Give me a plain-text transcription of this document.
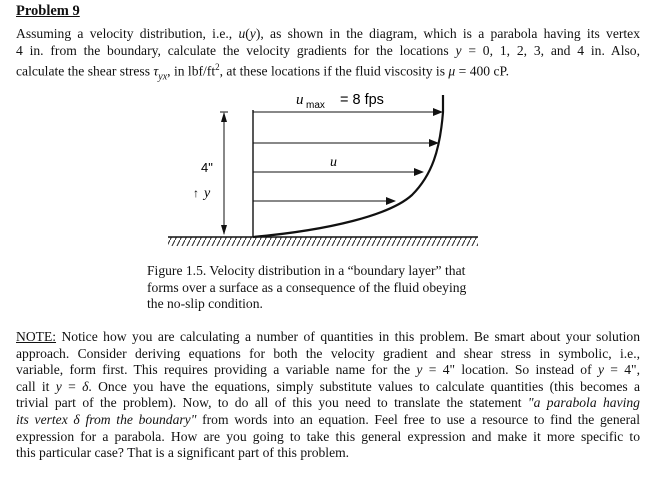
Problem 9
Assuming a velocity distribution, i.e., u(y), as shown in the diagram, which is a parabola having its vertex
4 in. from the boundary, calculate the velocity gradients for the locations y = 0, 1, 2, 3, and 4 in. Also,
calculate the shear stress $\tau_{yx}$, in lbf/$ft^2$, at these locations if the fluid viscosity is μ = 400 cP.
u max = 8 fps
4"
↑ y
u
Figure 1.5. Velocity distribution in a “boundary layer” that
forms over a surface as a consequence of the fluid obeying
the no-slip condition.
NOTE: Notice how you are calculating a number of quantities in this problem. Be smart about your solution
approach. Consider deriving equations for both the velocity gradient and shear stress in symbolic, i.e.,
variable, form first. This requires providing a variable name for the y = 4" location. So instead of y = 4",
call it y = δ. Once you have the equations, simply substitute values to calculate quantities (this becomes a
trivial part of the problem). Now, to do all of this you need to translate the statement "a parabola having
its vertex δ from the boundary" from words into an equation. Feel free to use a resource to find the general
expression for a parabola. How are you going to take this general expression and make it more specific to
this particular case? That is a significant part of this problem.
